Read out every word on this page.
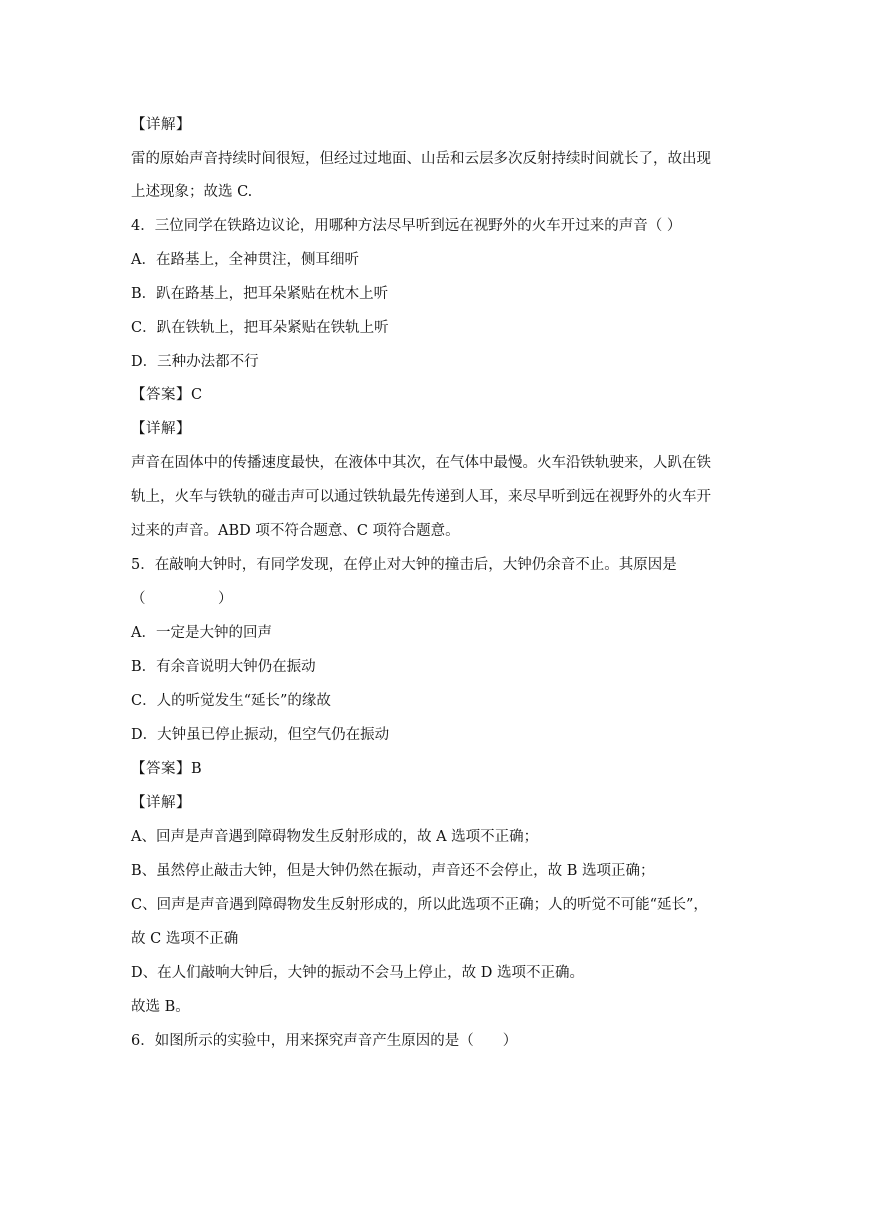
【详解】
雷的原始声音持续时间很短，但经过过地面、山岳和云层多次反射持续时间就长了，故出现
上述现象；故选 C.
4．三位同学在铁路边议论，用哪种方法尽早听到远在视野外的火车开过来的声音（ ）
A．在路基上，全神贯注，侧耳细听
B．趴在路基上，把耳朵紧贴在枕木上听
C．趴在铁轨上，把耳朵紧贴在铁轨上听
D．三种办法都不行
【答案】C
【详解】
声音在固体中的传播速度最快，在液体中其次，在气体中最慢。火车沿铁轨驶来，人趴在铁
轨上，火车与铁轨的碰击声可以通过铁轨最先传递到人耳，来尽早听到远在视野外的火车开
过来的声音。ABD 项不符合题意、C 项符合题意。
5．在敲响大钟时，有同学发现，在停止对大钟的撞击后，大钟仍余音不止。其原因是
（　　　　　）
A．一定是大钟的回声
B．有余音说明大钟仍在振动
C．人的听觉发生“延长”的缘故
D．大钟虽已停止振动，但空气仍在振动
【答案】B
【详解】
A、回声是声音遇到障碍物发生反射形成的，故 A 选项不正确；
B、虽然停止敲击大钟，但是大钟仍然在振动，声音还不会停止，故 B 选项正确；
C、回声是声音遇到障碍物发生反射形成的，所以此选项不正确；人的听觉不可能“延长”，
故 C 选项不正确
D、在人们敲响大钟后，大钟的振动不会马上停止，故 D 选项不正确。
故选 B。
6．如图所示的实验中，用来探究声音产生原因的是（　　）
